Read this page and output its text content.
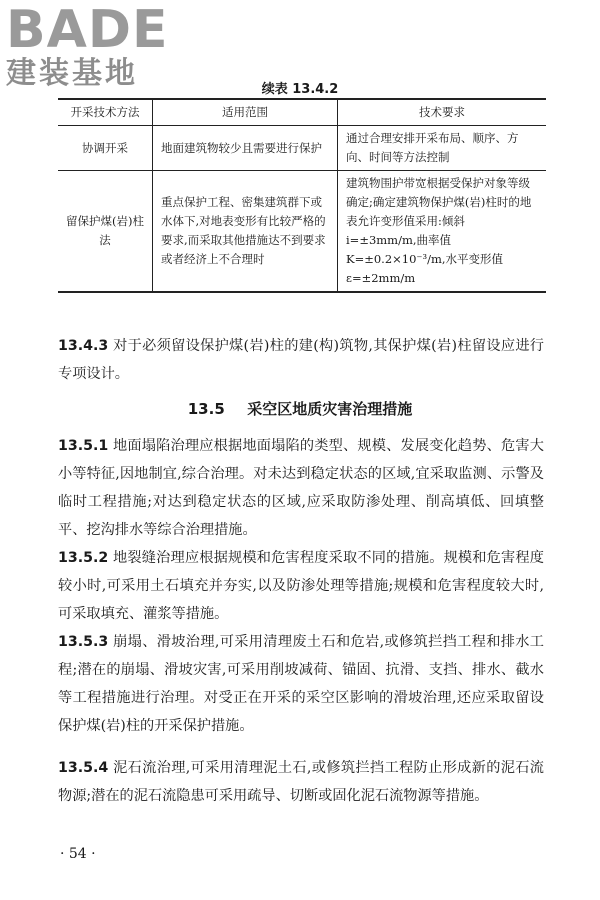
BADE
建装基地	续表 13.4.2
开采技术方法	适用范围	技术要求
协调开采	地面建筑物较少且需要进行保护	通过合理安排开采布局、顺序、方向、时间等方法控制
留保护煤(岩)柱法	重点保护工程、密集建筑群下或水体下,对地表变形有比较严格的要求,而采取其他措施达不到要求或者经济上不合理时	建筑物围护带宽根据受保护对象等级确定;确定建筑物保护煤(岩)柱时的地表允许变形值采用:倾斜 i=±3mm/m,曲率值 K=±0.2×10⁻³/m,水平变形值 ε=±2mm/m

13.4.3 对于必须留设保护煤(岩)柱的建(构)筑物,其保护煤(岩)柱留设应进行专项设计。

13.5 采空区地质灾害治理措施

13.5.1 地面塌陷治理应根据地面塌陷的类型、规模、发展变化趋势、危害大小等特征,因地制宜,综合治理。对未达到稳定状态的区域,宜采取监测、示警及临时工程措施;对达到稳定状态的区域,应采取防渗处理、削高填低、回填整平、挖沟排水等综合治理措施。

13.5.2 地裂缝治理应根据规模和危害程度采取不同的措施。规模和危害程度较小时,可采用土石填充并夯实,以及防渗处理等措施;规模和危害程度较大时,可采取填充、灌浆等措施。

13.5.3 崩塌、滑坡治理,可采用清理废土石和危岩,或修筑拦挡工程和排水工程;潜在的崩塌、滑坡灾害,可采用削坡减荷、锚固、抗滑、支挡、排水、截水等工程措施进行治理。对受正在开采的采空区影响的滑坡治理,还应采取留设保护煤(岩)柱的开采保护措施。

13.5.4 泥石流治理,可采用清理泥土石,或修筑拦挡工程防止形成新的泥石流物源;潜在的泥石流隐患可采用疏导、切断或固化泥石流物源等措施。

· 54 ·
